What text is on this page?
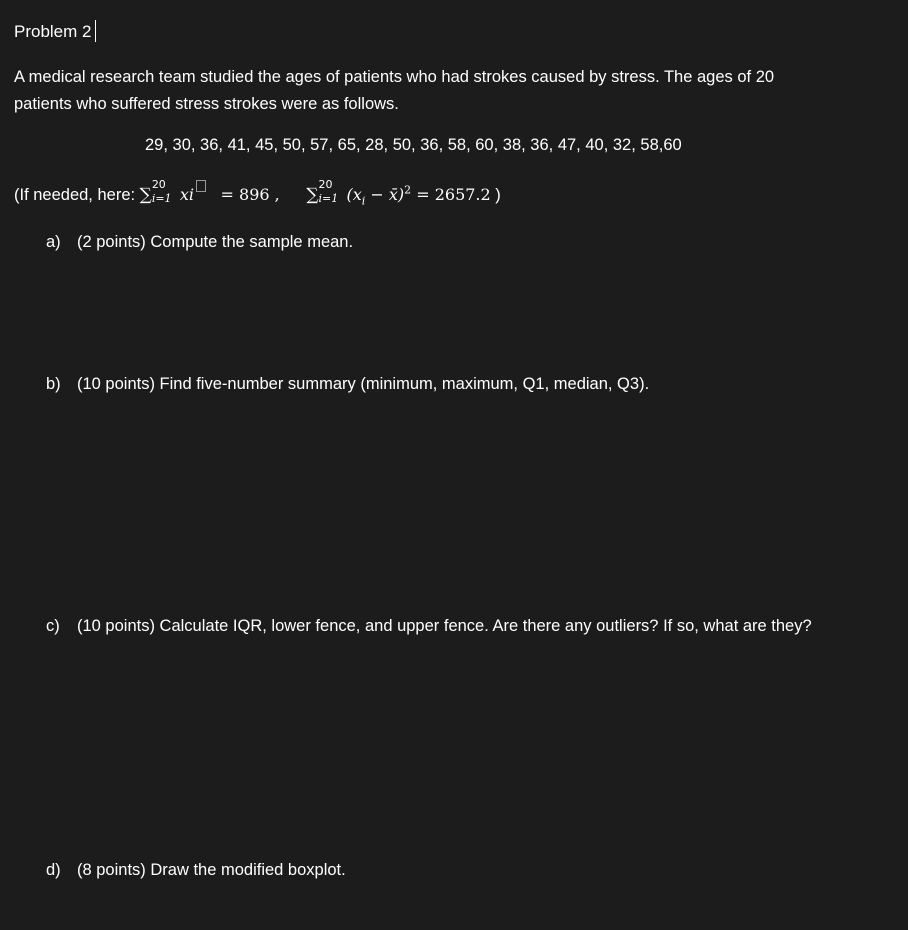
Problem 2
A medical research team studied the ages of patients who had strokes caused by stress. The ages of 20 patients who suffered stress strokes were as follows.
29, 30, 36, 41, 45, 50, 57, 65, 28, 50, 36, 58, 60, 38, 36, 47, 40, 32, 58,60
(If needed, here: ∑
20
i=1 xi = 896 , ∑
20
i=1 ($x_i$ − x̄)$^2$ = 2657.2 )
a) (2 points) Compute the sample mean.
b) (10 points) Find five-number summary (minimum, maximum, Q1, median, Q3).
c)	(10 points) Calculate IQR, lower fence, and upper fence. Are there any outliers? If so, what are they?
d) (8 points) Draw the modified boxplot.
